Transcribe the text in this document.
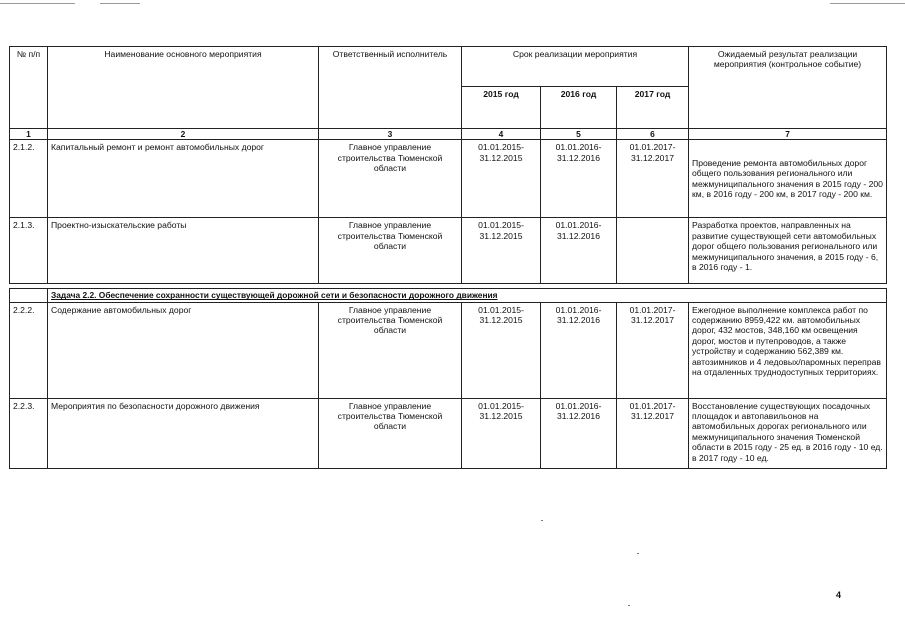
№ п/п	Наименование основного мероприятия	Ответственный исполнитель	Срок реализации мероприятия			Ожидаемый результат реализации мероприятия (контрольное событие)
			2015 год	2016 год	2017 год	
1	2	3	4	5	6	7
2.1.2.	Капитальный ремонт и ремонт автомобильных дорог	Главное управление строительства Тюменской области	01.01.2015-31.12.2015	01.01.2016-31.12.2016	01.01.2017-31.12.2017	Проведение ремонта автомобильных дорог общего пользования регионального или межмуниципального значения в 2015 году - 200 км, в 2016 году - 200 км, в 2017 году - 200 км.
2.1.3.	Проектно-изыскательские работы	Главное управление строительства Тюменской области	01.01.2015-31.12.2015	01.01.2016-31.12.2016		Разработка проектов, направленных на развитие существующей сети автомобильных дорог общего пользования регионального или межмуниципального значения, в 2015 году - 6, в 2016 году - 1.

	Задача 2.2. Обеспечение сохранности существующей дорожной сети и безопасности дорожного движения					
2.2.2.	Содержание автомобильных дорог	Главное управление строительства Тюменской области	01.01.2015-31.12.2015	01.01.2016-31.12.2016	01.01.2017-31.12.2017	Ежегодное выполнение комплекса работ по содержанию 8959,422 км. автомобильных дорог, 432 мостов, 348,160 км освещения дорог, мостов и путепроводов, а также устройству и содержанию 562,389 км. автозимников и 4 ледовых/паромных переправ на отдаленных труднодоступных территориях.
2.2.3.	Мероприятия по безопасности дорожного движения	Главное управление строительства Тюменской области	01.01.2015-31.12.2015	01.01.2016-31.12.2016	01.01.2017-31.12.2017	Восстановление существующих посадочных площадок и автопавильонов на автомобильных дорогах регионального или межмуниципального значения Тюменской области в 2015 году - 25 ед. в 2016 году - 10 ед. в 2017 году - 10 ед.
4
